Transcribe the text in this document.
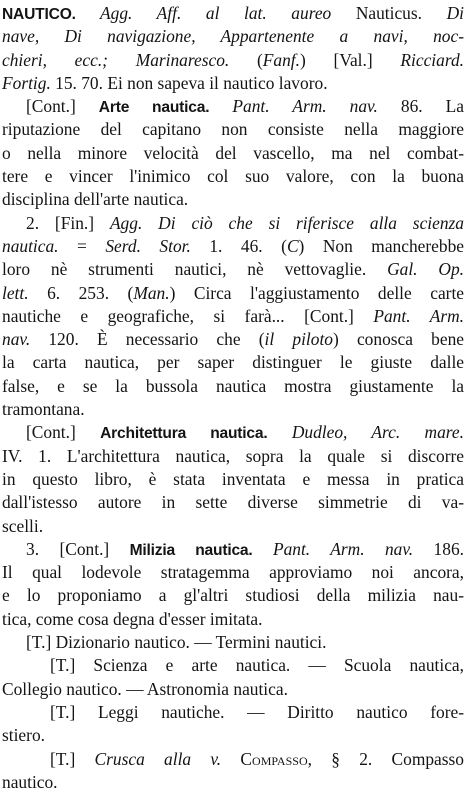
NAUTICO. Agg. Aff. al lat. aureo Nauticus. Di
nave, Di navigazione, Appartenente a navi, noc-
chieri, ecc.; Marinaresco. (Fanf.) [Val.] Ricciard.
Fortig. 15. 70. Ei non sapeva il nautico lavoro.
[Cont.] Arte nautica. Pant. Arm. nav. 86. La
riputazione del capitano non consiste nella maggiore
o nella minore velocità del vascello, ma nel combat-
tere e vincer l'inimico col suo valore, con la buona
disciplina dell'arte nautica.
2. [Fin.] Agg. Di ciò che si riferisce alla scienza
nautica. = Serd. Stor. 1. 46. (C) Non mancherebbe
loro nè strumenti nautici, nè vettovaglie. Gal. Op.
lett. 6. 253. (Man.) Circa l'aggiustamento delle carte
nautiche e geografiche, si farà... [Cont.] Pant. Arm.
nav. 120. È necessario che (il piloto) conosca bene
la carta nautica, per saper distinguer le giuste dalle
false, e se la bussola nautica mostra giustamente la
tramontana.
[Cont.] Architettura nautica. Dudleo, Arc. mare.
IV. 1. L'architettura nautica, sopra la quale si discorre
in questo libro, è stata inventata e messa in pratica
dall'istesso autore in sette diverse simmetrie di va-
scelli.
3. [Cont.] Milizia nautica. Pant. Arm. nav. 186.
Il qual lodevole stratagemma approviamo noi ancora,
e lo proponiamo a gl'altri studiosi della milizia nau-
tica, come cosa degna d'esser imitata.
[T.] Dizionario nautico. — Termini nautici.
[T.] Scienza e arte nautica. — Scuola nautica,
Collegio nautico. — Astronomia nautica.
[T.] Leggi nautiche. — Diritto nautico fore-
stiero.
[T.] Crusca alla v. Compasso, § 2. Compasso
nautico.
